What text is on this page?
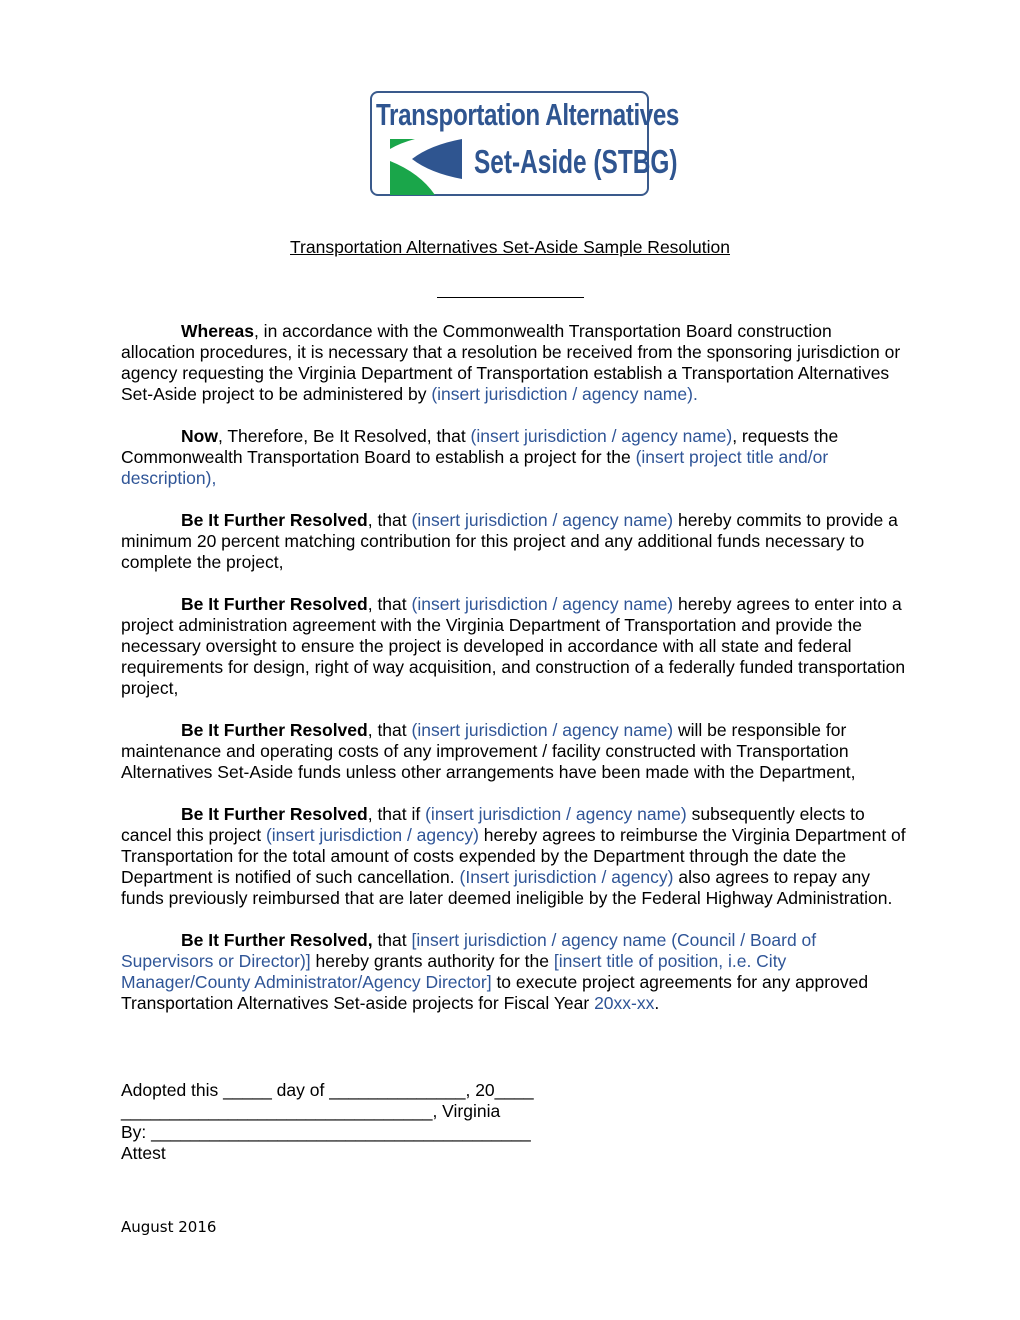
Transportation Alternatives
Set-Aside (STBG)
Transportation Alternatives Set-Aside Sample Resolution

Whereas, in accordance with the Commonwealth Transportation Board construction allocation procedures, it is necessary that a resolution be received from the sponsoring jurisdiction or agency requesting the Virginia Department of Transportation establish a Transportation Alternatives Set-Aside project to be administered by (insert jurisdiction / agency name).

Now, Therefore, Be It Resolved, that (insert jurisdiction / agency name), requests the Commonwealth Transportation Board to establish a project for the (insert project title and/or description),

Be It Further Resolved, that (insert jurisdiction / agency name) hereby commits to provide a minimum 20 percent matching contribution for this project and any additional funds necessary to complete the project,

Be It Further Resolved, that (insert jurisdiction / agency name) hereby agrees to enter into a project administration agreement with the Virginia Department of Transportation and provide the necessary oversight to ensure the project is developed in accordance with all state and federal requirements for design, right of way acquisition, and construction of a federally funded transportation project,

Be It Further Resolved, that (insert jurisdiction / agency name) will be responsible for maintenance and operating costs of any improvement / facility constructed with Transportation Alternatives Set-Aside funds unless other arrangements have been made with the Department,

Be It Further Resolved, that if (insert jurisdiction / agency name) subsequently elects to cancel this project (insert jurisdiction / agency) hereby agrees to reimburse the Virginia Department of Transportation for the total amount of costs expended by the Department through the date the Department is notified of such cancellation. (Insert jurisdiction / agency) also agrees to repay any funds previously reimbursed that are later deemed ineligible by the Federal Highway Administration.

Be It Further Resolved, that [insert jurisdiction / agency name (Council / Board of Supervisors or Director)] hereby grants authority for the [insert title of position, i.e. City Manager/County Administrator/Agency Director] to execute project agreements for any approved Transportation Alternatives Set-aside projects for Fiscal Year 20xx-xx.

Adopted this _____ day of ______________, 20____
________________________________, Virginia
By: _______________________________________
Attest
August 2016
